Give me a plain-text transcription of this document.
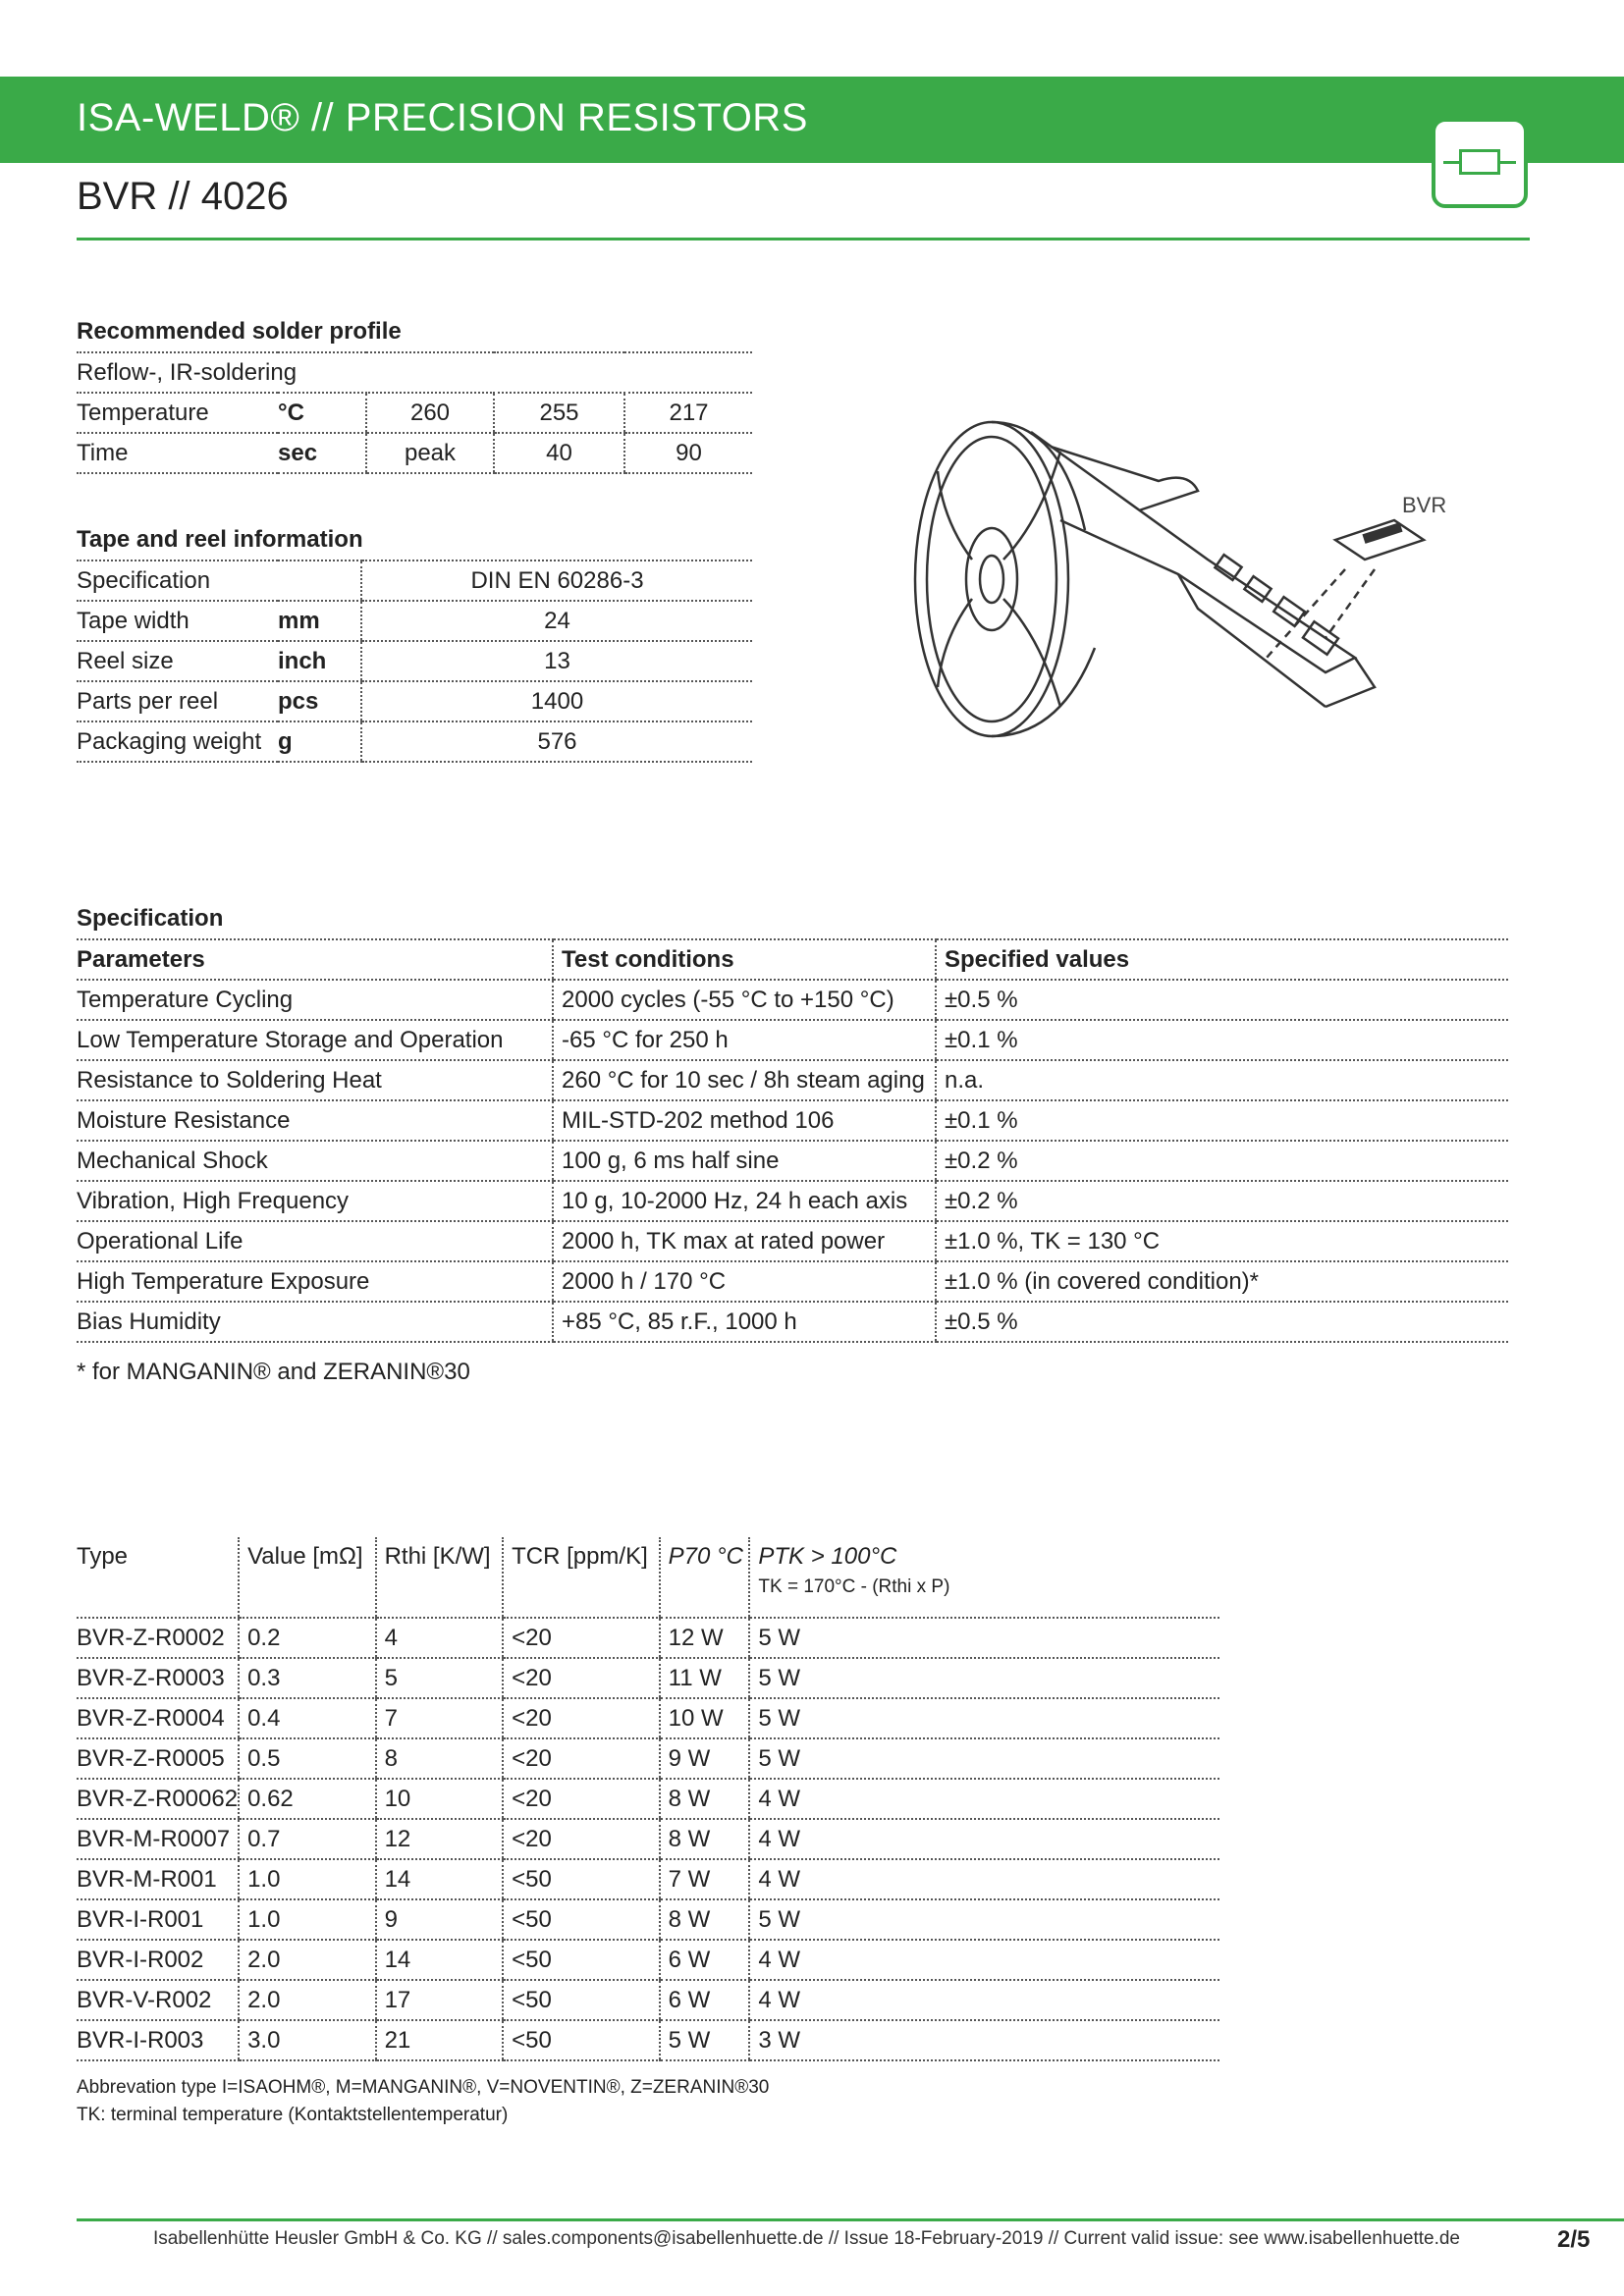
ISA-WELD® // PRECISION RESISTORS
BVR // 4026
Recommended solder profile
Reflow-, IR-soldering				
Temperature	°C	260	255	217
Time	sec	peak	40	90
Tape and reel information
Specification		DIN EN 60286-3
Tape width	mm	24
Reel size	inch	13
Parts per reel	pcs	1400
Packaging weight	g	576
BVR
Specification
Parameters	Test conditions	Specified values
Temperature Cycling	2000 cycles (-55 °C to +150 °C)	±0.5 %
Low Temperature Storage and Operation	-65 °C for 250 h	±0.1 %
Resistance to Soldering Heat	260 °C for 10 sec / 8h steam aging	n.a.
Moisture Resistance	MIL-STD-202 method 106	±0.1 %
Mechanical Shock	100 g, 6 ms half sine	±0.2 %
Vibration, High Frequency	10 g, 10-2000 Hz, 24 h each axis	±0.2 %
Operational Life	2000 h, TK max at rated power	±1.0 %, TK = 130 °C
High Temperature Exposure	2000 h / 170 °C	±1.0 % (in covered condition)*
Bias Humidity	+85 °C, 85 r.F., 1000 h	±0.5 %
* for MANGANIN® and ZERANIN®30
Type	Value [mΩ]	Rthi [K/W]	TCR [ppm/K]	P70 °C	PTK > 100°C
TK = 170°C - (Rthi x P)

BVR-Z-R0002	0.2	4	<20	12 W	5 W
BVR-Z-R0003	0.3	5	<20	11 W	5 W
BVR-Z-R0004	0.4	7	<20	10 W	5 W
BVR-Z-R0005	0.5	8	<20	9 W	5 W
BVR-Z-R00062	0.62	10	<20	8 W	4 W
BVR-M-R0007	0.7	12	<20	8 W	4 W
BVR-M-R001	1.0	14	<50	7 W	4 W
BVR-I-R001	1.0	9	<50	8 W	5 W
BVR-I-R002	2.0	14	<50	6 W	4 W
BVR-V-R002	2.0	17	<50	6 W	4 W
BVR-I-R003	3.0	21	<50	5 W	3 W
Abbrevation type I=ISAOHM®, M=MANGANIN®, V=NOVENTIN®, Z=ZERANIN®30
TK: terminal temperature (Kontaktstellentemperatur)
Isabellenhütte Heusler GmbH & Co. KG // sales.components@isabellenhuette.de // Issue 18-February-2019 // Current valid issue: see www.isabellenhuette.de	2/5
